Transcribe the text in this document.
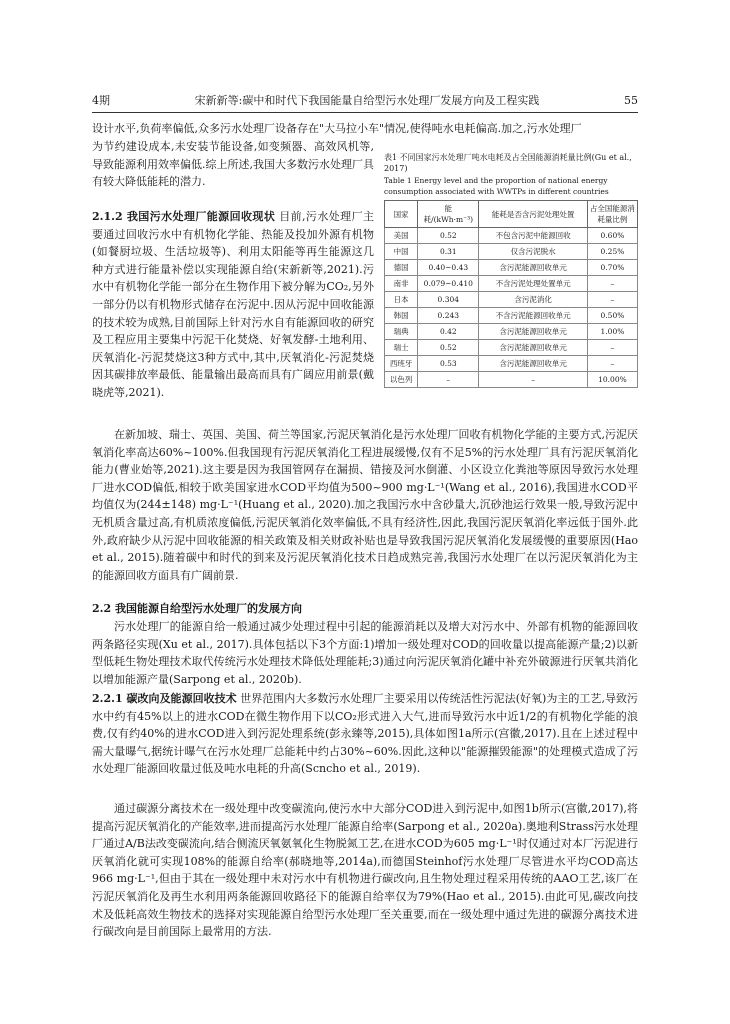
4期	宋新新等:碳中和时代下我国能量自给型污水处理厂发展方向及工程实践	55

设计水平,负荷率偏低,众多污水处理厂设备存在"大马拉小车"情况,使得吨水电耗偏高.加之,污水处理厂

为节约建设成本,未安装节能设备,如变频器、高效风机等,导致能源利用效率偏低.综上所述,我国大多数污水处理厂具有较大降低能耗的潜力.

2.1.2 我国污水处理厂能源回收现状 目前,污水处理厂主要通过回收污水中有机物化学能、热能及投加外源有机物(如餐厨垃圾、生活垃圾等)、利用太阳能等再生能源这几种方式进行能量补偿以实现能源自给(宋新新等,2021).污水中有机物化学能一部分在生物作用下被分解为CO₂,另外一部分仍以有机物形式储存在污泥中.因从污泥中回收能源的技术较为成熟,目前国际上针对污水自有能源回收的研究及工程应用主要集中污泥干化焚烧、好氧发酵-土地利用、厌氧消化-污泥焚烧这3种方式中,其中,厌氧消化-污泥焚烧因其碳排放率最低、能量输出最高而具有广阔应用前景(戴晓虎等,2021).

表1 不同国家污水处理厂吨水电耗及占全国能源消耗量比例(Gu et al., 2017)

Table 1 Energy level and the proportion of national energy consumption associated with WWTPs in different countries

国家	能耗/(kWh·m⁻³)	能耗是否含污泥处理处置	占全国能源消耗量比例
美国	0.52	不包含污泥中能源回收	0.60%
中国	0.31	仅含污泥脱水	0.25%
德国	0.40~0.43	含污泥能源回收单元	0.70%
南非	0.079~0.410	不含污泥处理处置单元	–
日本	0.304	含污泥消化	–
韩国	0.243	不含污泥能源回收单元	0.50%
瑞典	0.42	含污泥能源回收单元	1.00%
瑞士	0.52	含污泥能源回收单元	–
西班牙	0.53	含污泥能源回收单元	–
以色列	–	–	10.00%

在新加坡、瑞士、英国、美国、荷兰等国家,污泥厌氧消化是污水处理厂回收有机物化学能的主要方式,污泥厌氧消化率高达60%~100%.但我国现有污泥厌氧消化工程进展缓慢,仅有不足5%的污水处理厂具有污泥厌氧消化能力(曹业始等,2021).这主要是因为我国管网存在漏损、错接及河水倒灌、小区设立化粪池等原因导致污水处理厂进水COD偏低,相较于欧美国家进水COD平均值为500~900 mg·L⁻¹(Wang et al., 2016),我国进水COD平均值仅为(244±148) mg·L⁻¹(Huang et al., 2020).加之我国污水中含砂量大,沉砂池运行效果一般,导致污泥中无机质含量过高,有机质浓度偏低,污泥厌氧消化效率偏低,不具有经济性,因此,我国污泥厌氧消化率远低于国外.此外,政府缺少从污泥中回收能源的相关政策及相关财政补贴也是导致我国污泥厌氧消化发展缓慢的重要原因(Hao et al., 2015).随着碳中和时代的到来及污泥厌氧消化技术日趋成熟完善,我国污水处理厂在以污泥厌氧消化为主的能源回收方面具有广阔前景.

2.2 我国能源自给型污水处理厂的发展方向

污水处理厂的能源自给一般通过减少处理过程中引起的能源消耗以及增大对污水中、外部有机物的能源回收两条路径实现(Xu et al., 2017).具体包括以下3个方面:1)增加一级处理对COD的回收量以提高能源产量;2)以新型低耗生物处理技术取代传统污水处理技术降低处理能耗;3)通过向污泥厌氧消化罐中补充外破源进行厌氧共消化以增加能源产量(Sarpong et al., 2020b).

2.2.1 碳改向及能源回收技术 世界范围内大多数污水处理厂主要采用以传统活性污泥法(好氧)为主的工艺,导致污水中约有45%以上的进水COD在微生物作用下以CO₂形式进入大气,进而导致污水中近1/2的有机物化学能的浪费,仅有约40%的进水COD进入到污泥处理系统(彭永臻等,2015),具体如图1a所示(宫徽,2017).且在上述过程中需大量曝气,据统计曝气在污水处理厂总能耗中约占30%~60%.因此,这种以"能源摧毁能源"的处理模式造成了污水处理厂能源回收量过低及吨水电耗的升高(Scncho et al., 2019).

通过碳源分离技术在一级处理中改变碳流向,使污水中大部分COD进入到污泥中,如图1b所示(宫徽,2017),将提高污泥厌氧消化的产能效率,进而提高污水处理厂能源自给率(Sarpong et al., 2020a).奥地利Strass污水处理厂通过A/B法改变碳流向,结合侧流厌氧氨氧化生物脱氮工艺,在进水COD为605 mg·L⁻¹时仅通过对本厂污泥进行厌氧消化就可实现108%的能源自给率(郝晓地等,2014a),而德国Steinhof污水处理厂尽管进水平均COD高达966 mg·L⁻¹,但由于其在一级处理中未对污水中有机物进行碳改向,且生物处理过程采用传统的AAO工艺,该厂在污泥厌氧消化及再生水利用两条能源回收路径下的能源自给率仅为79%(Hao et al., 2015).由此可见,碳改向技术及低耗高效生物技术的选择对实现能源自给型污水处理厂至关重要,而在一级处理中通过先进的碳源分离技术进行碳改向是目前国际上最常用的方法.
